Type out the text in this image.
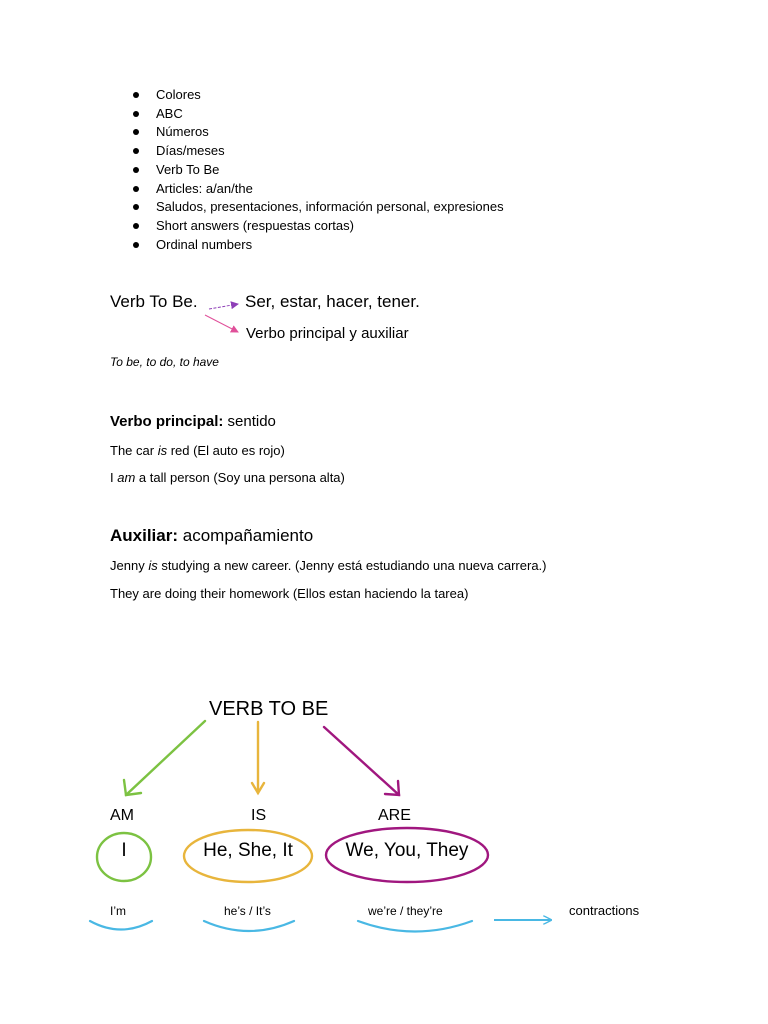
Colores
ABC
Números
Días/meses
Verb To Be
Articles: a/an/the
Saludos, presentaciones, información personal, expresiones
Short answers (respuestas cortas)
Ordinal numbers
Verb To Be.	Ser, estar, hacer, tener.
Verbo principal y auxiliar
To be, to do, to have
Verbo principal: sentido
The car is red (El auto es rojo)
I am a tall person (Soy una persona alta)
Auxiliar: acompañamiento
Jenny is studying a new career. (Jenny está estudiando una nueva carrera.)
They are doing their homework (Ellos estan haciendo la tarea)
VERB TO BE
AM	IS	ARE
I	He, She, It	We, You, They
I’m	he’s / It’s	we’re / they’re	contractions
